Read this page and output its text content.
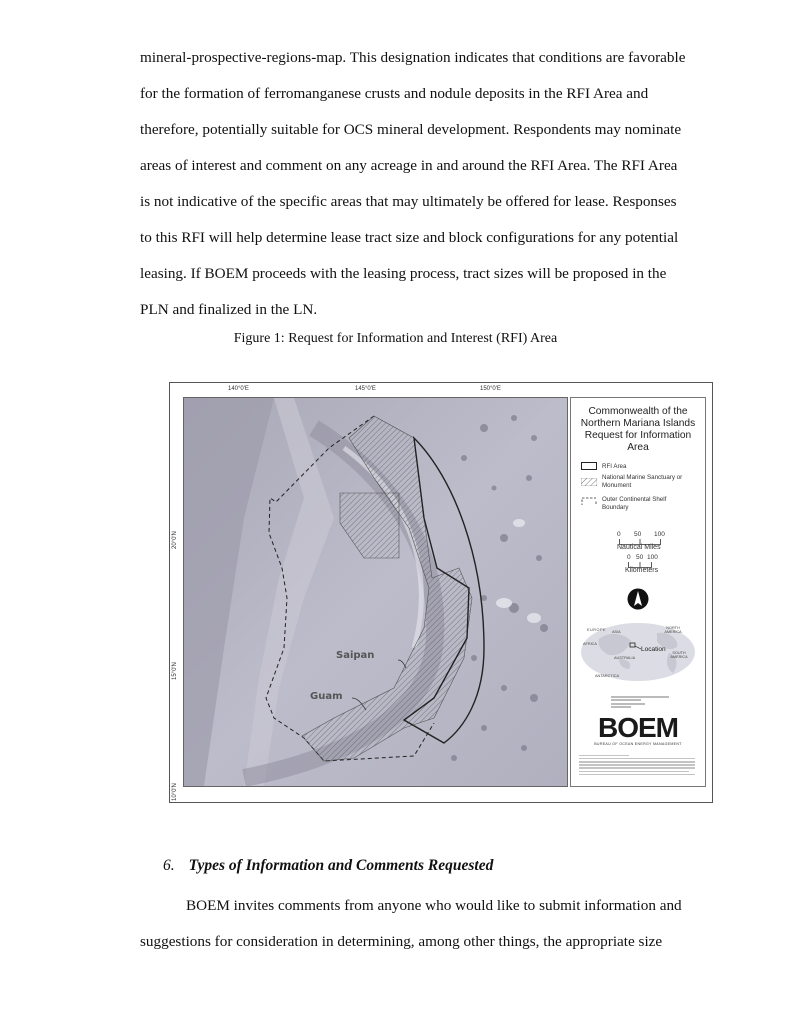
mineral-prospective-regions-map. This designation indicates that conditions are favorable

for the formation of ferromanganese crusts and nodule deposits in the RFI Area and

therefore, potentially suitable for OCS mineral development. Respondents may nominate

areas of interest and comment on any acreage in and around the RFI Area. The RFI Area

is not indicative of the specific areas that may ultimately be offered for lease. Responses

to this RFI will help determine lease tract size and block configurations for any potential

leasing. If BOEM proceeds with the leasing process, tract sizes will be proposed in the

PLN and finalized in the LN.

Figure 1: Request for Information and Interest (RFI) Area
140°0'E	145°0'E	150°0'E
20°0'N
15°0'N
10°0'N
Saipan
Guam
Commonwealth of the
Northern Mariana Islands
Request for Information
Area
RFI Area
National Marine Sanctuary or Monument
Outer Continental Shelf Boundary
0 50 100
Nautical Miles
0 50 100
Kilometers
EUROPE ASIA
NORTH AMERICA
AFRICA
AUSTRALIA
SOUTH AMERICA
ANTARCTICA
Location
BOEM
BUREAU OF OCEAN ENERGY MANAGEMENT
6. Types of Information and Comments Requested

BOEM invites comments from anyone who would like to submit information and

suggestions for consideration in determining, among other things, the appropriate size
